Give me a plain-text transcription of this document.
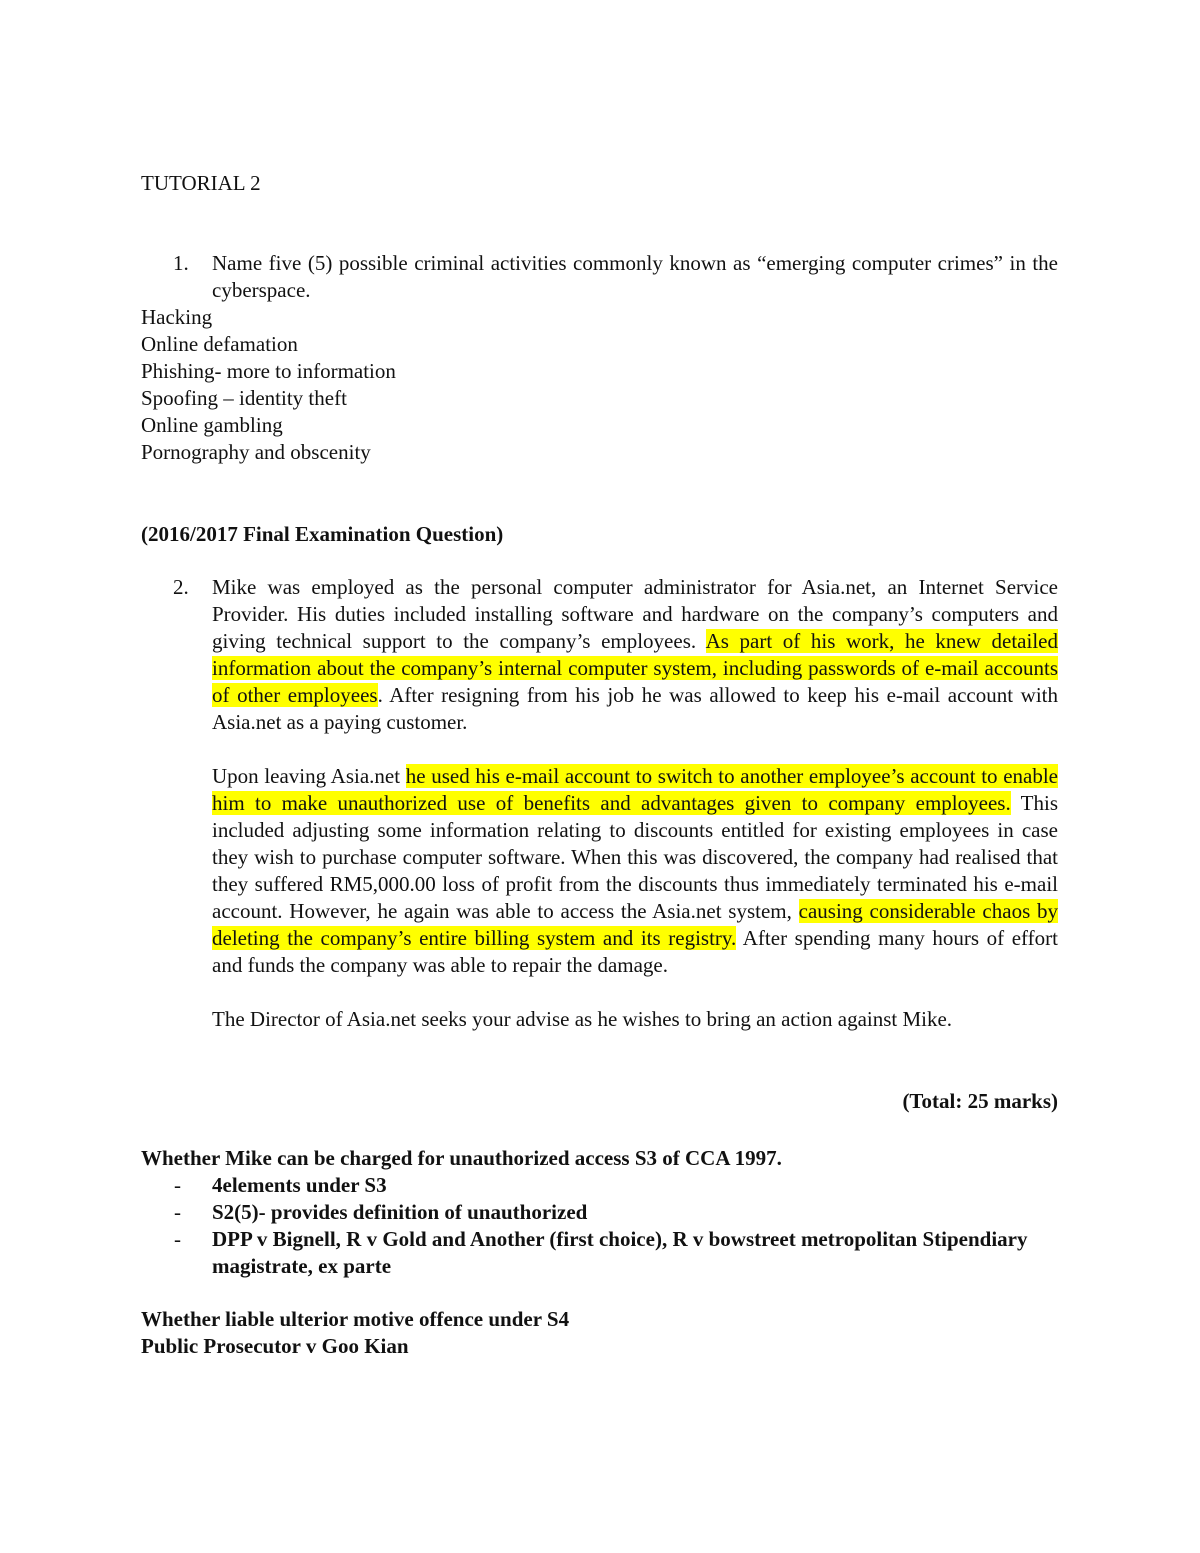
TUTORIAL 2
1. Name five (5) possible criminal activities commonly known as “emerging computer crimes” in the cyberspace.
Hacking
Online defamation
Phishing- more to information
Spoofing – identity theft
Online gambling
Pornography and obscenity
(2016/2017 Final Examination Question)
2. Mike was employed as the personal computer administrator for Asia.net, an Internet Service Provider. His duties included installing software and hardware on the company’s computers and giving technical support to the company’s employees. As part of his work, he knew detailed information about the company’s internal computer system, including passwords of e-mail accounts of other employees. After resigning from his job he was allowed to keep his e-mail account with Asia.net as a paying customer.

Upon leaving Asia.net he used his e-mail account to switch to another employee’s account to enable him to make unauthorized use of benefits and advantages given to company employees. This included adjusting some information relating to discounts entitled for existing employees in case they wish to purchase computer software. When this was discovered, the company had realised that they suffered RM5,000.00 loss of profit from the discounts thus immediately terminated his e-mail account. However, he again was able to access the Asia.net system, causing considerable chaos by deleting the company’s entire billing system and its registry. After spending many hours of effort and funds the company was able to repair the damage.

The Director of Asia.net seeks your advise as he wishes to bring an action against Mike.

(Total: 25 marks)
Whether Mike can be charged for unauthorized access S3 of CCA 1997.
- 4elements under S3
- S2(5)- provides definition of unauthorized
- DPP v Bignell, R v Gold and Another (first choice), R v bowstreet metropolitan Stipendiary magistrate, ex parte
Whether liable ulterior motive offence under S4
Public Prosecutor v Goo Kian
